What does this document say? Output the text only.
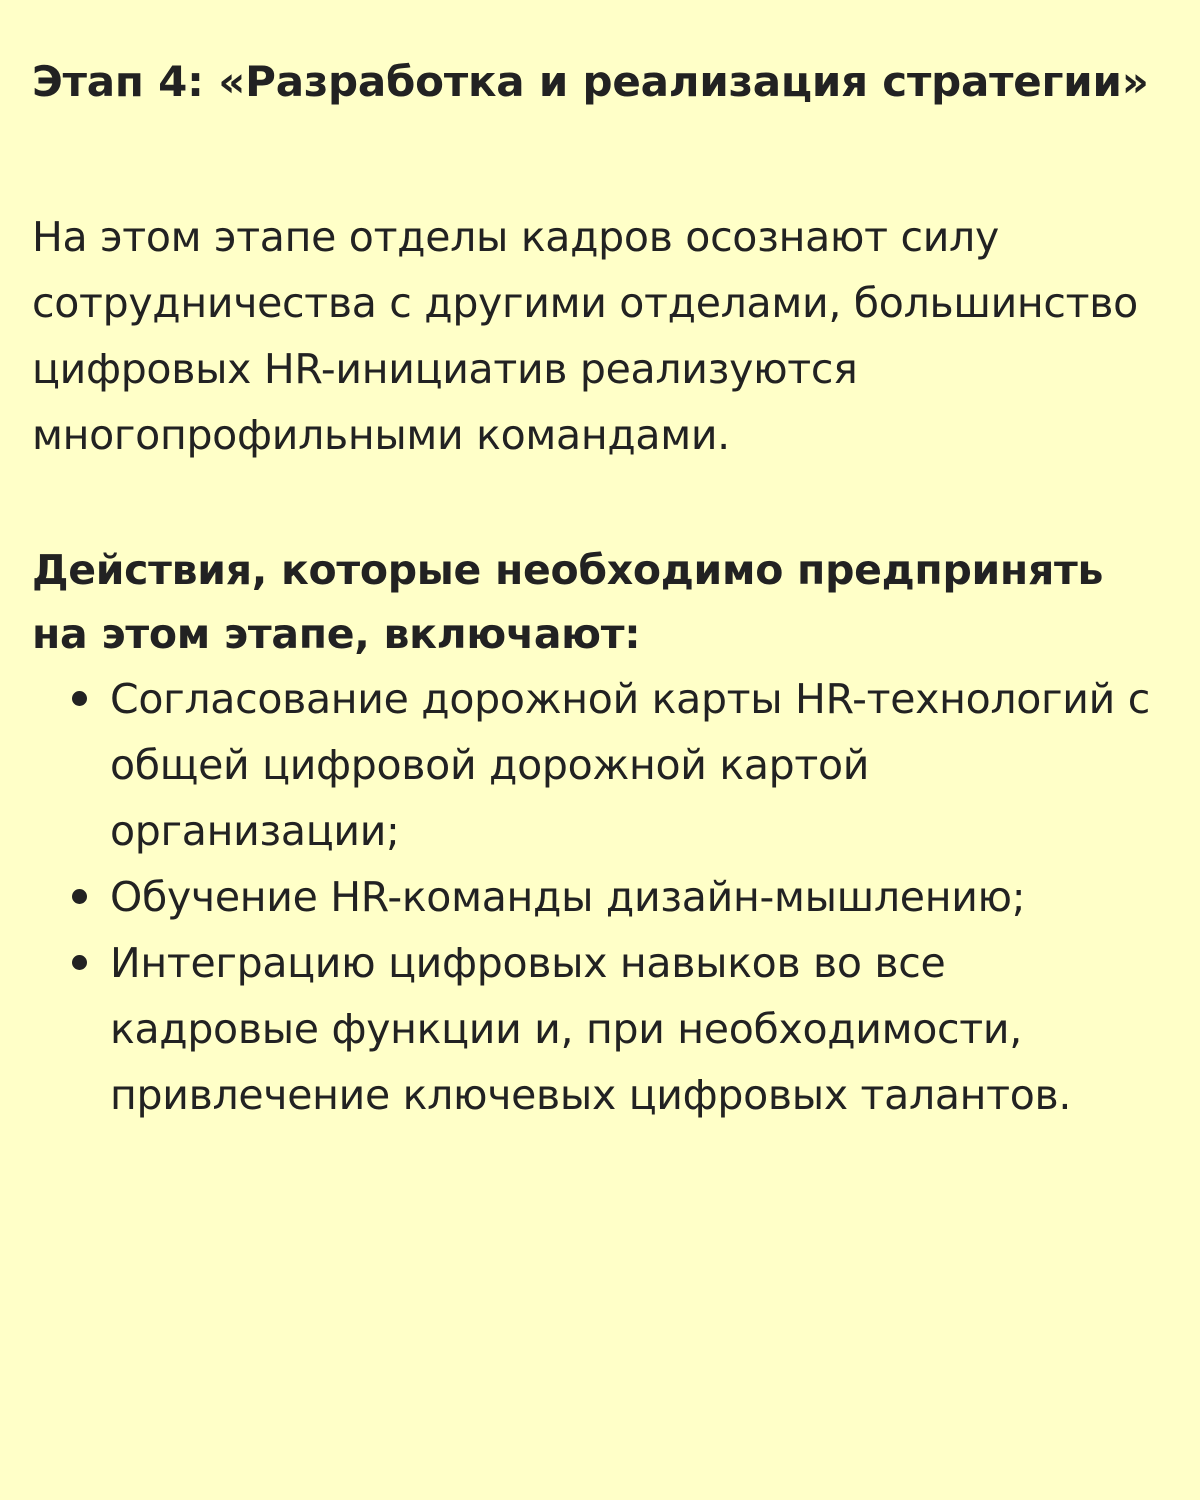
Этап 4: «Разработка и реализация стратегии»

На этом этапе отделы кадров осознают силу сотрудничества с другими отделами, большинство цифровых HR-инициатив реализуются многопрофильными командами.

Действия, которые необходимо предпринять на этом этапе, включают:
Согласование дорожной карты HR-технологий с общей цифровой дорожной картой организации;
Обучение HR-команды дизайн-мышлению;
Интеграцию цифровых навыков во все кадровые функции и, при необходимости, привлечение ключевых цифровых талантов.
